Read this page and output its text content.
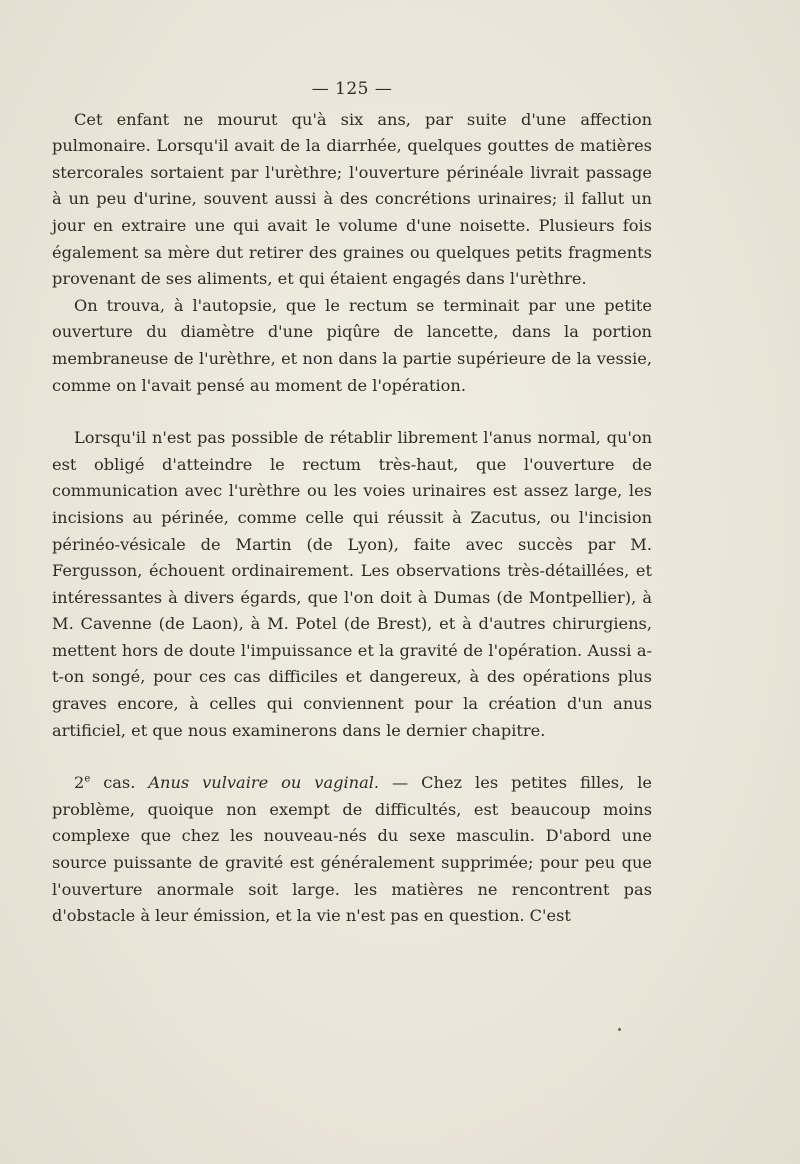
— 125 —

Cet enfant ne mourut qu'à six ans, par suite d'une affection pulmonaire. Lorsqu'il avait de la diarrhée, quelques gouttes de matières stercorales sortaient par l'urèthre; l'ouverture périnéale livrait passage à un peu d'urine, souvent aussi à des concrétions urinaires; il fallut un jour en extraire une qui avait le volume d'une noisette. Plusieurs fois également sa mère dut retirer des graines ou quelques petits fragments provenant de ses aliments, et qui étaient engagés dans l'urèthre.

On trouva, à l'autopsie, que le rectum se terminait par une petite ouverture du diamètre d'une piqûre de lancette, dans la portion membraneuse de l'urèthre, et non dans la partie supérieure de la vessie, comme on l'avait pensé au moment de l'opération.

Lorsqu'il n'est pas possible de rétablir librement l'anus normal, qu'on est obligé d'atteindre le rectum très-haut, que l'ouverture de communication avec l'urèthre ou les voies urinaires est assez large, les incisions au périnée, comme celle qui réussit à Zacutus, ou l'incision périnéo-vésicale de Martin (de Lyon), faite avec succès par M. Fergusson, échouent ordinairement. Les observations très-détaillées, et intéressantes à divers égards, que l'on doit à Dumas (de Montpellier), à M. Cavenne (de Laon), à M. Potel (de Brest), et à d'autres chirurgiens, mettent hors de doute l'impuissance et la gravité de l'opération. Aussi a-t-on songé, pour ces cas difficiles et dangereux, à des opérations plus graves encore, à celles qui conviennent pour la création d'un anus artificiel, et que nous examinerons dans le dernier chapitre.

2e cas. Anus vulvaire ou vaginal. — Chez les petites filles, le problème, quoique non exempt de difficultés, est beaucoup moins complexe que chez les nouveau-nés du sexe masculin. D'abord une source puissante de gravité est généralement supprimée; pour peu que l'ouverture anormale soit large. les matières ne rencontrent pas d'obstacle à leur émission, et la vie n'est pas en question. C'est
